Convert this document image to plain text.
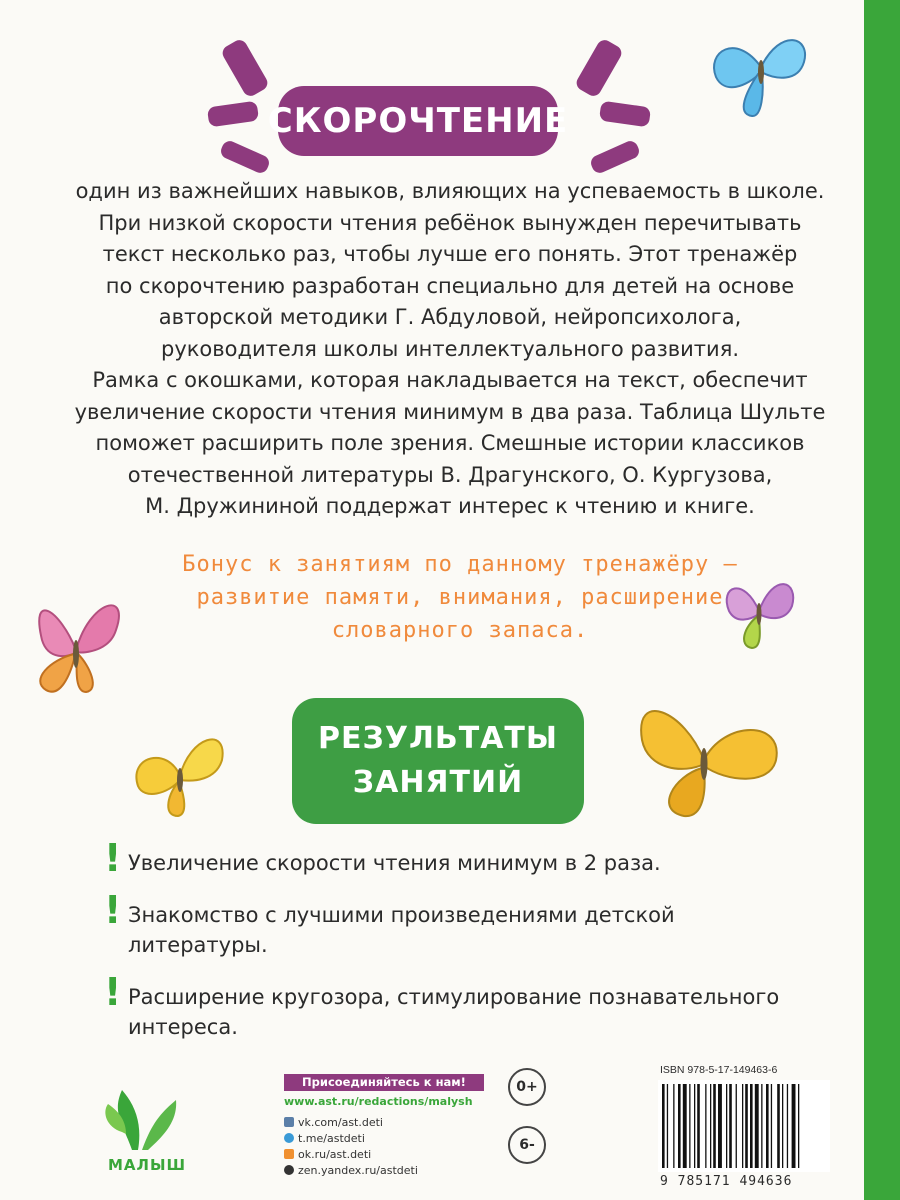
СКОРОЧТЕНИЕ

один из важнейших навыков, влияющих на успеваемость в школе.
При низкой скорости чтения ребёнок вынужден перечитывать
текст несколько раз, чтобы лучше его понять. Этот тренажёр
по скорочтению разработан специально для детей на основе
авторской методики Г. Абдуловой, нейропсихолога,
руководителя школы интеллектуального развития.
Рамка с окошками, которая накладывается на текст, обеспечит
увеличение скорости чтения минимум в два раза. Таблица Шульте
поможет расширить поле зрения. Смешные истории классиков
отечественной литературы В. Драгунского, О. Кургузова,
М. Дружининой поддержат интерес к чтению и книге.

Бонус к занятиям по данному тренажёру —
развитие памяти, внимания, расширение
словарного запаса.
РЕЗУЛЬТАТЫ
ЗАНЯТИЙ
! Увеличение скорости чтения минимум в 2 раза.
! Знакомство с лучшими произведениями детской литературы.
! Расширение кругозора, стимулирование познавательного интереса.
МАЛЫШ
Присоединяйтесь к нам!
www.ast.ru/redactions/malysh
vk.com/ast.deti
t.me/astdeti
ok.ru/ast.deti
zen.yandex.ru/astdeti
0+
6-
ISBN 978-5-17-149463-6
9 785171 494636
